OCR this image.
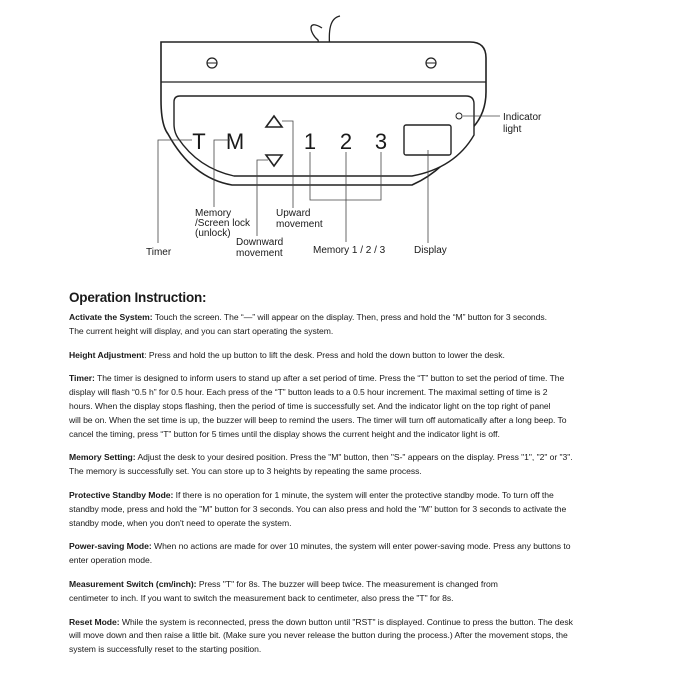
T M	1 2 3
Indicator
light
Memory
/Screen lock
(unlock)
Upward
movement
Downward
movement
Timer	Memory 1 / 2 / 3	Display
Operation Instruction:

Activate the System: Touch the screen. The “—” will appear on the display. Then, press and hold the “M” button for 3 seconds.
The current height will display, and you can start operating the system.

Height Adjustment: Press and hold the up button to lift the desk. Press and hold the down button to lower the desk.

Timer: The timer is designed to inform users to stand up after a set period of time. Press the “T” button to set the period of time. The
display will flash “0.5 h” for 0.5 hour. Each press of the “T” button leads to a 0.5 hour increment. The maximal setting of time is 2
hours. When the display stops flashing, then the period of time is successfully set. And the indicator light on the top right of panel
will be on. When the set time is up, the buzzer will beep to remind the users. The timer will turn off automatically after a long beep. To
cancel the timing, press “T” button for 5 times until the display shows the current height and the indicator light is off.

Memory Setting: Adjust the desk to your desired position. Press the "M" button, then "S-" appears on the display. Press "1", "2" or "3".
The memory is successfully set. You can store up to 3 heights by repeating the same process.

Protective Standby Mode: If there is no operation for 1 minute, the system will enter the protective standby mode. To turn off the
standby mode, press and hold the "M" button for 3 seconds. You can also press and hold the "M" button for 3 seconds to activate the
standby mode, when you don't need to operate the system.

Power-saving Mode: When no actions are made for over 10 minutes, the system will enter power-saving mode. Press any buttons to
enter operation mode.

Measurement Switch (cm/inch): Press "T" for 8s. The buzzer will beep twice. The measurement is changed from
centimeter to inch. If you want to switch the measurement back to centimeter, also press the "T" for 8s.

Reset Mode: While the system is reconnected, press the down button until "RST" is displayed. Continue to press the button. The desk
will move down and then raise a little bit. (Make sure you never release the button during the process.) After the movement stops, the
system is successfully reset to the starting position.
